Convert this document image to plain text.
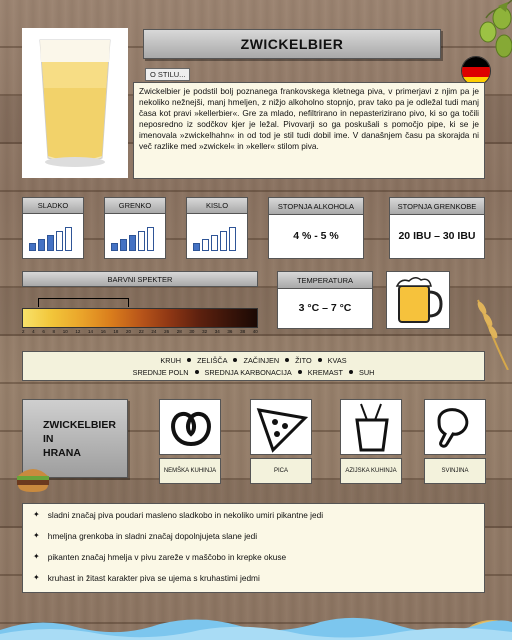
ZWICKELBIER
O STILU...
Zwickelbier je podstil bolj poznanega frankovskega kletnega piva, v primerjavi z njim pa je nekoliko nežnejši, manj hmeljen, z nižjo alkoholno stopnjo, prav tako pa je odležal tudi manj časa kot pravi »kellerbier«. Gre za mlado, nefiltrirano in nepasterizirano pivo, ki so ga točili neposredno iz sodčkov kjer je ležal. Pivovarji so ga poskušali s pomočjo pipe, ki se je imenovala »zwickelhahn« in od tod je stil tudi dobil ime. V današnjem času pa skorajda ni več razlike med »zwickel« in »keller« stilom piva.
SLADKO	GRENKO	KISLO	STOPNJA ALKOHOLA
4 % - 5 %
STOPNJA GRENKOBE
20 IBU – 30 IBU
BARVNI SPEKTER
2 4 6 8 10 12 14 16 18 20 22 24 26 28 30 32 34 36 38 40
TEMPERATURA
3 °C – 7 °C
KRUH ZELIŠČA ZAČINJEN ŽITO KVAS
SREDNJE POLN SREDNJA KARBONACIJA KREMAST SUH
ZWICKELBIER
IN
HRANA
NEMŠKA KUHINJA	PICA	AZIJSKA KUHINJA	SVINJINA
✦ sladni značaj piva poudari masleno sladkobo in nekoliko umiri pikantne jedi
✦ hmeljna grenkoba in sladni značaj dopolnjujeta slane jedi
✦ pikanten značaj hmelja v pivu zareže v maščobo in krepke okuse
✦ kruhast in žitast karakter piva se ujema s kruhastimi jedmi
